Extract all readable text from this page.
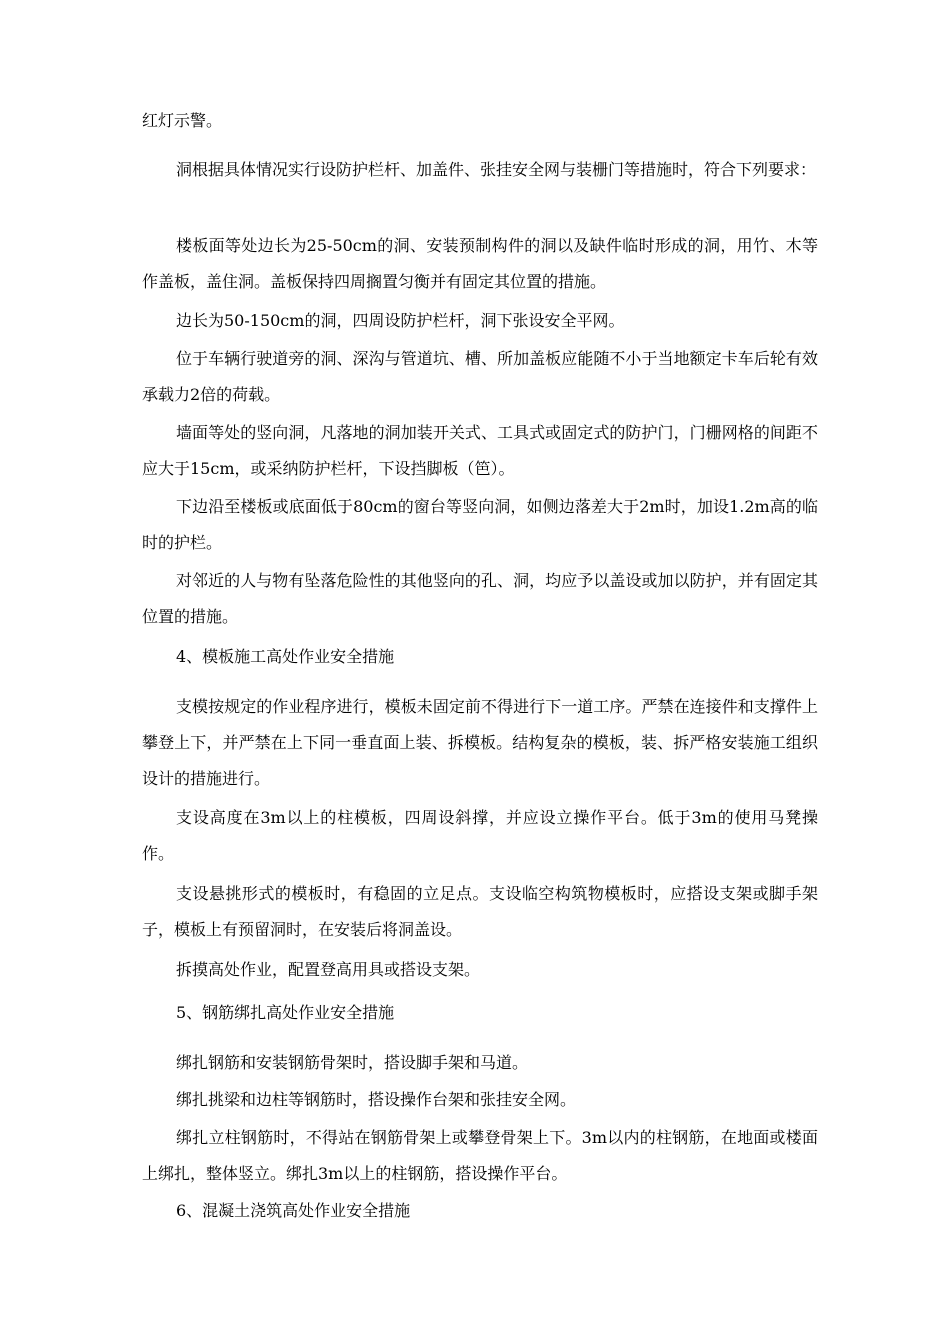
红灯示警。

洞根据具体情况实行设防护栏杆、加盖件、张挂安全网与装栅门等措施时，符合下列要求：

楼板面等处边长为25-50cm的洞、安装预制构件的洞以及缺件临时形成的洞，用竹、木等作盖板，盖住洞。盖板保持四周搁置匀衡并有固定其位置的措施。

边长为50-150cm的洞，四周设防护栏杆，洞下张设安全平网。

位于车辆行驶道旁的洞、深沟与管道坑、槽、所加盖板应能随不小于当地额定卡车后轮有效承载力2倍的荷载。

墙面等处的竖向洞，凡落地的洞加装开关式、工具式或固定式的防护门，门栅网格的间距不应大于15cm，或采纳防护栏杆，下设挡脚板（笆）。

下边沿至楼板或底面低于80cm的窗台等竖向洞，如侧边落差大于2m时，加设1.2m高的临时的护栏。

对邻近的人与物有坠落危险性的其他竖向的孔、洞，均应予以盖设或加以防护，并有固定其位置的措施。

4、模板施工高处作业安全措施

支模按规定的作业程序进行，模板未固定前不得进行下一道工序。严禁在连接件和支撑件上攀登上下，并严禁在上下同一垂直面上装、拆模板。结构复杂的模板，装、拆严格安装施工组织设计的措施进行。

支设高度在3m以上的柱模板，四周设斜撑，并应设立操作平台。低于3m的使用马凳操作。

支设悬挑形式的模板时，有稳固的立足点。支设临空构筑物模板时，应搭设支架或脚手架子，模板上有预留洞时，在安装后将洞盖设。

拆摸高处作业，配置登高用具或搭设支架。

5、钢筋绑扎高处作业安全措施

绑扎钢筋和安装钢筋骨架时，搭设脚手架和马道。

绑扎挑梁和边柱等钢筋时，搭设操作台架和张挂安全网。

绑扎立柱钢筋时，不得站在钢筋骨架上或攀登骨架上下。3m以内的柱钢筋，在地面或楼面上绑扎，整体竖立。绑扎3m以上的柱钢筋，搭设操作平台。

6、混凝土浇筑高处作业安全措施
